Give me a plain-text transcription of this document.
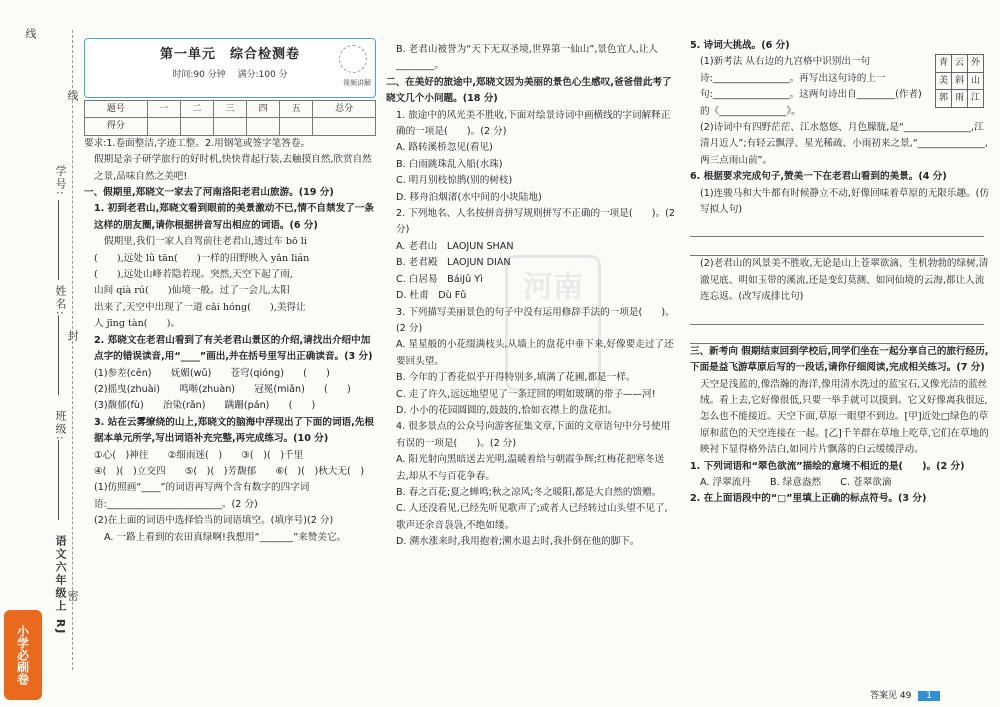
线
线
学号:
姓名:
封
班级:
语文六年级上 RJ 密
小学必刷卷
河南
第一单元　综合检测卷
时间:90 分钟　 满分:100 分
视频讲解
题号	一	二	三	四	五	总分
得分						

要求:1.卷面整洁,字迹工整。2.用钢笔或签字笔答卷。

假期是亲子研学旅行的好时机,快快背起行装,去触摸自然,欣赏自然之景,品味自然之美吧!

一、假期里,郑晓文一家去了河南洛阳老君山旅游。(19 分)

1. 初到老君山,郑晓文看到眼前的美景激动不已,情不自禁发了一条这样的朋友圈,请你根据拼音写出相应的词语。(6 分)

假期里,我们一家人自驾前往老君山,透过车 bō li

(　　),远处 lǜ tān(　　)一样的田野映入 yǎn lián

(　　),远处山峰若隐若现。突然,天空下起了雨,

山间 qià rú(　　)仙境一般。过了一会儿,太阳

出来了,天空中出现了一道 cǎi hóng(　　),美得让

人 jīng tàn(　　)。

2. 郑晓文在老君山看到了有关老君山景区的介绍,请找出介绍中加点字的错误读音,用“____”画出,并在括号里写出正确读音。(3 分)

(1)参差(cēn)　　妩媚(wǔ)　　苍穹(qióng)　　(　　)

(2)摇曳(zhuài)　　鸣啭(zhuàn)　　冠冕(miǎn)　　(　　)

(3)馥郁(fù)　　治染(rǎn)　　蹒跚(pán)　　(　　)

3. 站在云雾缭绕的山上,郑晓文的脑海中浮现出了下面的词语,先根据本单元所学,写出词语补充完整,再完成练习。(10 分)

①心(　)神往　　②细雨迷(　)　　③(　)(　)千里

④(　)(　)立交四　　⑤(　)(　)芳馥郁　　⑥(　)(　)秋大无(　)

(1)仿照画“____”的词语再写两个含有数字的四字词语:________________________。(2 分)

(2)在上面的词语中选择恰当的词语填空。(填序号)(2 分)

A. 一路上看到的农田真绿啊!我想用“_______”来赞美它。

B. 老君山被誉为“天下无双圣境,世界第一仙山”,景色宜人,让人________。

二、在美好的旅途中,郑晓文因为美丽的景色心生感叹,爸爸借此考了晓文几个小问题。(18 分)

1. 旅途中的风光美不胜收,下面对绘景诗词中画横线的字词解释正确的一项是(　　)。(2 分)

A. 路转溪桥忽见(看见)

B. 白雨跳珠乱入船(水珠)

C. 明月别枝惊鹊(别的树枝)

D. 移舟泊烟渚(水中间的小块陆地)

2. 下列地名、人名按拼音拼写规则拼写不正确的一项是(　　)。(2 分)

A. 老君山　LAOJUN SHAN

B. 老君殿　LAOJUN DIAN

C. 白居易　BáiJū Yì

D. 杜甫　Dù Fǔ

3. 下列描写美丽景色的句子中没有运用修辞手法的一项是(　　)。(2 分)

A. 星星般的小花缀满枝头,从墙上的盘花中垂下来,好像要走过了还要回头望。

B. 今年的丁香花似乎开得特别多,填满了花圃,都是一样。

C. 走了许久,远远地望见了一条迂回的明如玻璃的带子——河!

D. 小小的花园圆圆的,鼓鼓的,恰如衣襟上的盘花扣。

4. 很多景点的公众号向游客征集文章,下面的文章语句中分号使用有误的一项是(　　)。(2 分)

A. 阳光射向黑暗送去光明,温暖着给与朝霞争辉;红梅花把寒冬送去,却从不与百花争春。

B. 春之百花;夏之蝉鸣;秋之凉风;冬之暖阳,都是大自然的馈赠。

C. 人还没看见,已经先听见歌声了;或者人已经转过山头望不见了,歌声还余音袅袅,不绝如缕。

D. 溯水涨来时,我用抱着;溯水退去时,我扑倒在他的脚下。

5. 诗词大挑战。(6 分)

(1)新考法 从右边的九宫格中识别出一句诗:________________。再写出这句诗的上一句:________________。这两句诗出自________(作者)的《______________》。

青	云	外
美	斜	山
郭	雨	江

(2)诗词中有四野茫茫、江水悠悠、月色朦胧,是“______________,江清月近人”;有轻云飘浮、星光稀疏、小雨初来之景,“______________,两三点雨山前”。

6. 根据要求完成句子,赞美一下在老君山看到的美景。(4 分)

(1)连骏马和大牛都有时候静立不动,好像回味着草原的无限乐趣。(仿写拟人句)

(2)老君山的风景美不胜收,无论是山上苍翠欲滴、生机勃勃的绿树,清澈见底、明如玉带的溪流,还是变幻莫测、如同仙境的云海,都让人流连忘返。(改写成排比句)

三、新考向 假期结束回到学校后,同学们坐在一起分享自己的旅行经历,下面是益飞游草原后写的一段话,请你仔细阅读,完成相关练习。(7 分)

天空是浅蓝的,像浩瀚的海洋,像用清水洗过的蓝宝石,又像光洁的蓝丝绒。看上去,它好像很低,只要一举手就可以摸到。它又好像离我很远,怎么也不能接近。天空下面,草原一眼望不到边。[甲]近处□绿色的草原和蓝色的天空连接在一起。[乙]千羊群在草地上吃草,它们在草地的映衬下显得格外洁白,如同片片飘落的白云缓缓浮动。

1. 下列词语和“翠色欲流”描绘的意境不相近的是(　　)。(2 分)

A. 浮翠流丹　　B. 绿意盎然　　C. 苍翠欲滴

2. 在上面语段中的“□”里填上正确的标点符号。(3 分)

答案见 49 1
